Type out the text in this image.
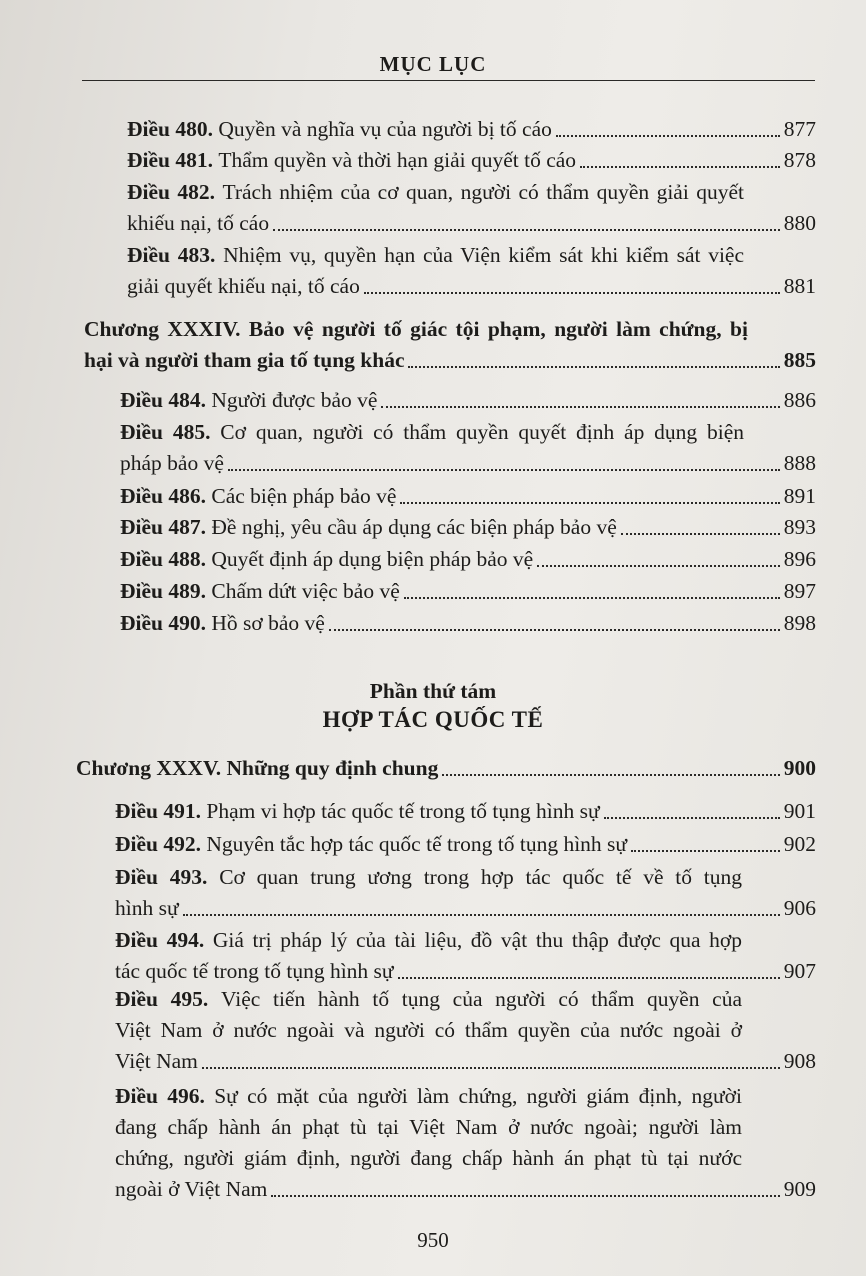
MỤC LỤC
Điều 480.
Quyền và nghĩa vụ của người bị tố cáo	877
Điều 481.
Thẩm quyền và thời hạn giải quyết tố cáo	878
Điều 482. Trách nhiệm của cơ quan, người có thẩm quyền giải quyết
khiếu nại, tố cáo	880
Điều 483. Nhiệm vụ, quyền hạn của Viện kiểm sát khi kiểm sát việc
giải quyết khiếu nại, tố cáo	881
Chương XXXIV. Bảo vệ người tố giác tội phạm, người làm chứng, bị
hại và người tham gia tố tụng khác	885
Điều 484.
Người được bảo vệ	886
Điều 485. Cơ quan, người có thẩm quyền quyết định áp dụng biện
pháp bảo vệ	888
Điều 486.
Các biện pháp bảo vệ	891
Điều 487.
Đề nghị, yêu cầu áp dụng các biện pháp bảo vệ	893
Điều 488.
Quyết định áp dụng biện pháp bảo vệ	896
Điều 489.
Chấm dứt việc bảo vệ	897
Điều 490.
Hồ sơ bảo vệ	898
Phần thứ tám
HỢP TÁC QUỐC TẾ
Chương XXXV. Những quy định chung	900
Điều 491.
Phạm vi hợp tác quốc tế trong tố tụng hình sự	901
Điều 492.
Nguyên tắc hợp tác quốc tế trong tố tụng hình sự	902
Điều 493. Cơ quan trung ương trong hợp tác quốc tế về tố tụng
hình sự	906
Điều 494. Giá trị pháp lý của tài liệu, đồ vật thu thập được qua hợp
tác quốc tế trong tố tụng hình sự	907
Điều 495. Việc tiến hành tố tụng của người có thẩm quyền của
Việt Nam ở nước ngoài và người có thẩm quyền của nước ngoài ở
Việt Nam	908
Điều 496. Sự có mặt của người làm chứng, người giám định, người
đang chấp hành án phạt tù tại Việt Nam ở nước ngoài; người làm
chứng, người giám định, người đang chấp hành án phạt tù tại nước
ngoài ở Việt Nam	909
950
